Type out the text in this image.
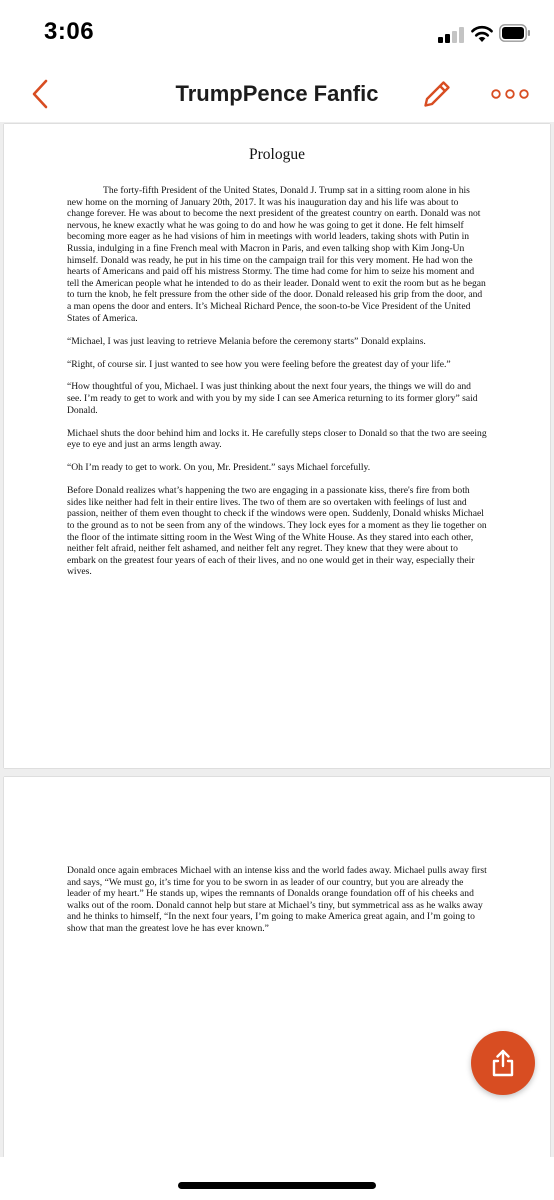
3:06
TrumpPence Fanfic
Prologue

The forty-fifth President of the United States, Donald J. Trump sat in a sitting room alone in his new home on the morning of January 20th, 2017. It was his inauguration day and his life was about to change forever. He was about to become the next president of the greatest country on earth. Donald was not nervous, he knew exactly what he was going to do and how he was going to get it done. He felt himself becoming more eager as he had visions of him in meetings with world leaders, taking shots with Putin in Russia, indulging in a fine French meal with Macron in Paris, and even talking shop with Kim Jong-Un himself. Donald was ready, he put in his time on the campaign trail for this very moment. He had won the hearts of Americans and paid off his mistress Stormy. The time had come for him to seize his moment and tell the American people what he intended to do as their leader. Donald went to exit the room but as he began to turn the knob, he felt pressure from the other side of the door. Donald released his grip from the door, and a man opens the door and enters. It’s Micheal Richard Pence, the soon-to-be Vice President of the United States of America.

“Michael, I was just leaving to retrieve Melania before the ceremony starts” Donald explains.

“Right, of course sir. I just wanted to see how you were feeling before the greatest day of your life.”

“How thoughtful of you, Michael. I was just thinking about the next four years, the things we will do and see. I’m ready to get to work and with you by my side I can see America returning to its former glory” said Donald.

Michael shuts the door behind him and locks it. He carefully steps closer to Donald so that the two are seeing eye to eye and just an arms length away.

“Oh I’m ready to get to work. On you, Mr. President.” says Michael forcefully.

Before Donald realizes what’s happening the two are engaging in a passionate kiss, there's fire from both sides like neither had felt in their entire lives. The two of them are so overtaken with feelings of lust and passion, neither of them even thought to check if the windows were open. Suddenly, Donald whisks Michael to the ground as to not be seen from any of the windows. They lock eyes for a moment as they lie together on the floor of the intimate sitting room in the West Wing of the White House. As they stared into each other, neither felt afraid, neither felt ashamed, and neither felt any regret. They knew that they were about to embark on the greatest four years of each of their lives, and no one would get in their way, especially their wives.

Donald once again embraces Michael with an intense kiss and the world fades away. Michael pulls away first and says, “We must go, it’s time for you to be sworn in as leader of our country, but you are already the leader of my heart.” He stands up, wipes the remnants of Donalds orange foundation off of his cheeks and walks out of the room. Donald cannot help but stare at Michael’s tiny, but symmetrical ass as he walks away and he thinks to himself, “In the next four years, I’m going to make America great again, and I’m going to show that man the greatest love he has ever known.”
